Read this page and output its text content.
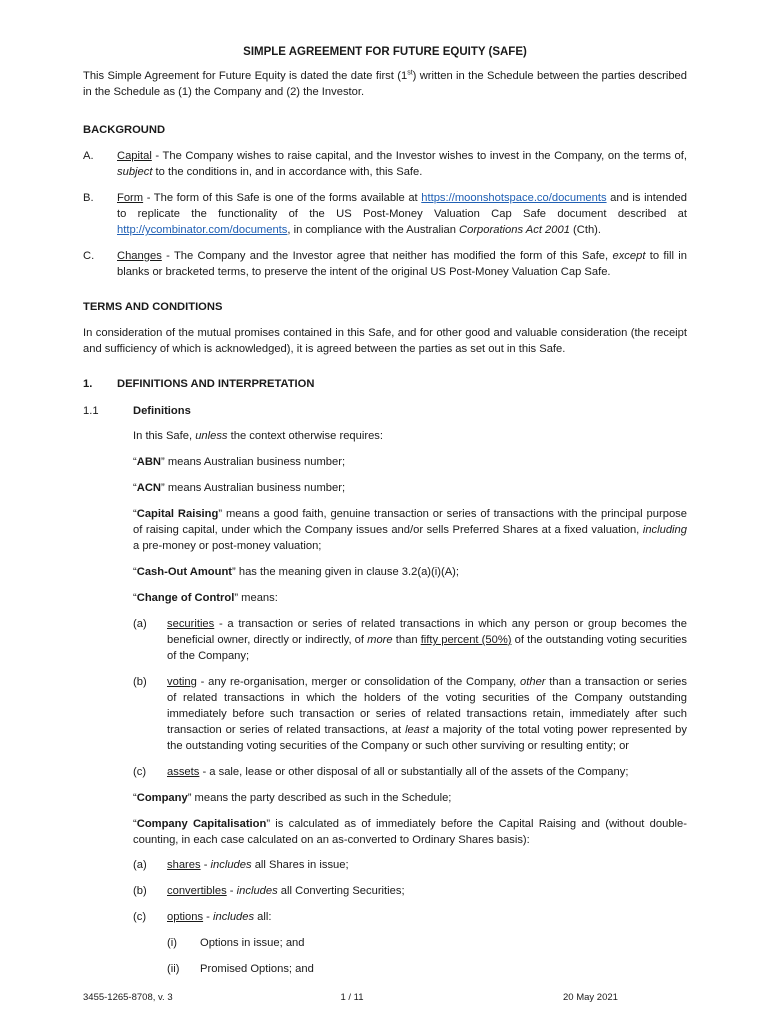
SIMPLE AGREEMENT FOR FUTURE EQUITY (SAFE)
This Simple Agreement for Future Equity is dated the date first (1st) written in the Schedule between the parties described in the Schedule as (1) the Company and (2) the Investor.
BACKGROUND
A. Capital - The Company wishes to raise capital, and the Investor wishes to invest in the Company, on the terms of, subject to the conditions in, and in accordance with, this Safe.
B. Form - The form of this Safe is one of the forms available at https://moonshotspace.co/documents and is intended to replicate the functionality of the US Post-Money Valuation Cap Safe document described at http://ycombinator.com/documents, in compliance with the Australian Corporations Act 2001 (Cth).
C. Changes - The Company and the Investor agree that neither has modified the form of this Safe, except to fill in blanks or bracketed terms, to preserve the intent of the original US Post-Money Valuation Cap Safe.
TERMS AND CONDITIONS
In consideration of the mutual promises contained in this Safe, and for other good and valuable consideration (the receipt and sufficiency of which is acknowledged), it is agreed between the parties as set out in this Safe.
1. DEFINITIONS AND INTERPRETATION
1.1	Definitions
In this Safe, unless the context otherwise requires:
“ABN” means Australian business number;
“ACN” means Australian business number;
“Capital Raising” means a good faith, genuine transaction or series of transactions with the principal purpose of raising capital, under which the Company issues and/or sells Preferred Shares at a fixed valuation, including a pre-money or post-money valuation;
“Cash-Out Amount” has the meaning given in clause 3.2(a)(i)(A);
“Change of Control” means:
(a) securities - a transaction or series of related transactions in which any person or group becomes the beneficial owner, directly or indirectly, of more than fifty percent (50%) of the outstanding voting securities of the Company;
(b) voting - any re-organisation, merger or consolidation of the Company, other than a transaction or series of related transactions in which the holders of the voting securities of the Company outstanding immediately before such transaction or series of related transactions retain, immediately after such transaction or series of related transactions, at least a majority of the total voting power represented by the outstanding voting securities of the Company or such other surviving or resulting entity; or
(c) assets - a sale, lease or other disposal of all or substantially all of the assets of the Company;
“Company” means the party described as such in the Schedule;
“Company Capitalisation” is calculated as of immediately before the Capital Raising and (without double-counting, in each case calculated on an as-converted to Ordinary Shares basis):
(a) shares - includes all Shares in issue;
(b) convertibles - includes all Converting Securities;
(c) options - includes all:
(i) Options in issue; and
(ii) Promised Options; and
3455-1265-8708, v. 3	1 / 11	20 May 2021
